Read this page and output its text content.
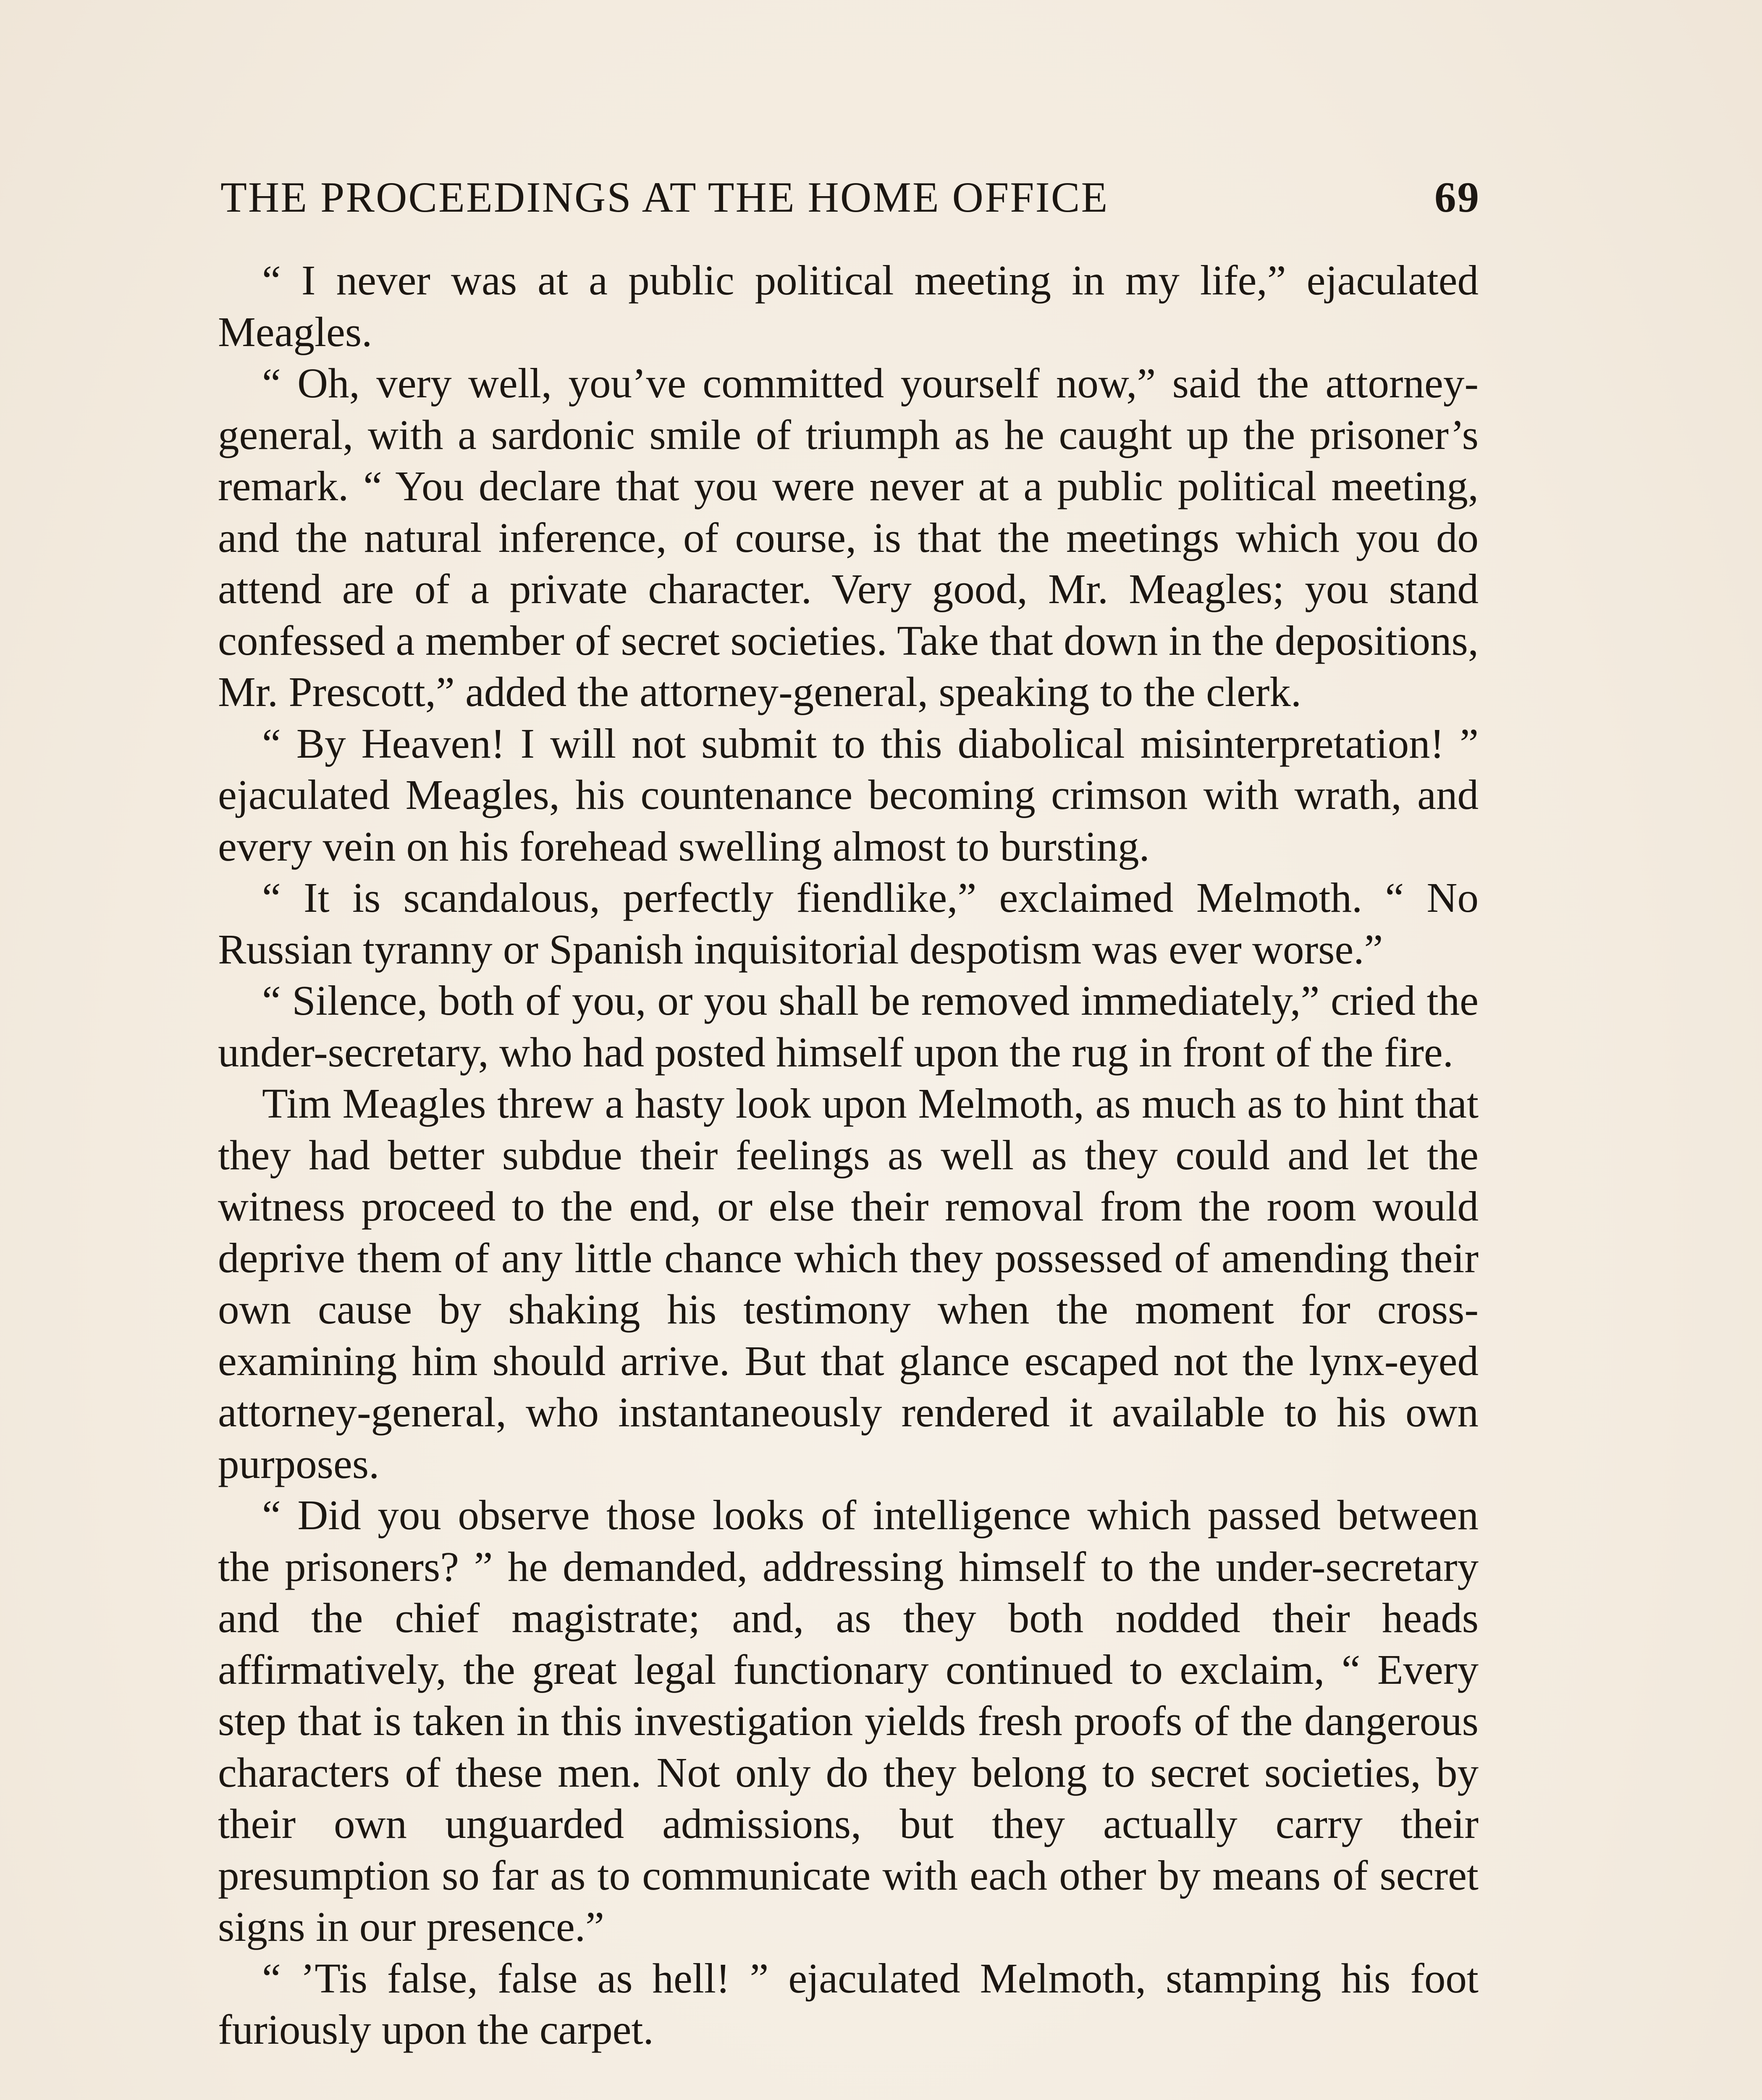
THE PROCEEDINGS AT THE HOME OFFICE	69

“ I never was at a public political meeting in my life,” ejaculated Meagles.

“ Oh, very well, you’ve committed yourself now,” said the attorney-general, with a sardonic smile of triumph as he caught up the prisoner’s remark. “ You declare that you were never at a public political meeting, and the natural inference, of course, is that the meetings which you do attend are of a private character. Very good, Mr. Meagles; you stand confessed a member of secret societies. Take that down in the depositions, Mr. Prescott,” added the attorney-general, speaking to the clerk.

“ By Heaven! I will not submit to this diabolical misinterpretation! ” ejaculated Meagles, his countenance becoming crimson with wrath, and every vein on his forehead swelling almost to bursting.

“ It is scandalous, perfectly fiendlike,” exclaimed Melmoth. “ No Russian tyranny or Spanish inquisitorial despotism was ever worse.”

“ Silence, both of you, or you shall be removed immediately,” cried the under-secretary, who had posted himself upon the rug in front of the fire.

Tim Meagles threw a hasty look upon Melmoth, as much as to hint that they had better subdue their feelings as well as they could and let the witness proceed to the end, or else their removal from the room would deprive them of any little chance which they possessed of amending their own cause by shaking his testimony when the moment for cross-examining him should arrive. But that glance escaped not the lynx-eyed attorney-general, who instantaneously rendered it available to his own purposes.

“ Did you observe those looks of intelligence which passed between the prisoners? ” he demanded, addressing himself to the under-secretary and the chief magistrate; and, as they both nodded their heads affirmatively, the great legal functionary continued to exclaim, “ Every step that is taken in this investigation yields fresh proofs of the dangerous characters of these men. Not only do they belong to secret societies, by their own unguarded admissions, but they actually carry their presumption so far as to communicate with each other by means of secret signs in our presence.”

“ ’Tis false, false as hell! ” ejaculated Melmoth, stamping his foot furiously upon the carpet.
